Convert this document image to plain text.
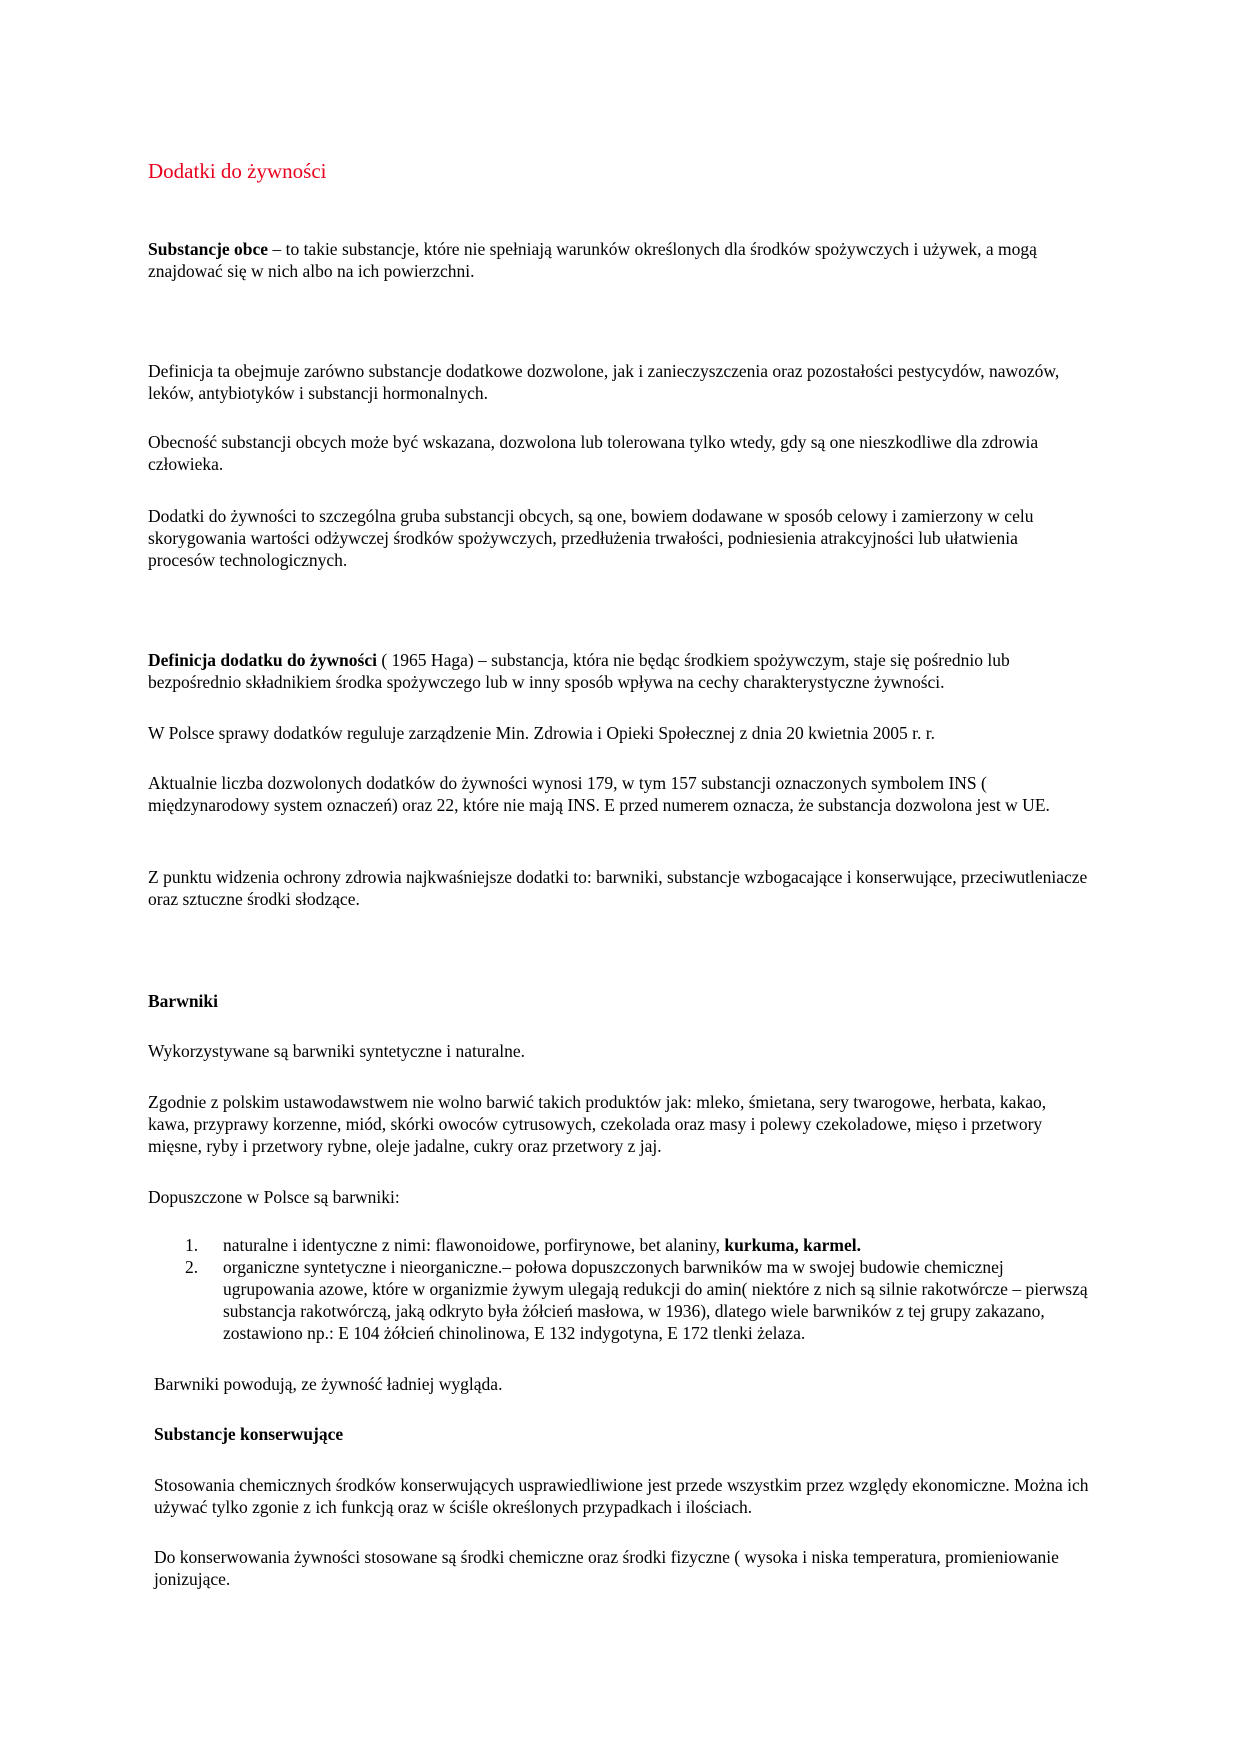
Dodatki do żywności

Substancje obce – to takie substancje, które nie spełniają warunków określonych dla środków spożywczych i używek, a mogą znajdować się w nich albo na ich powierzchni.

Definicja ta obejmuje zarówno substancje dodatkowe dozwolone, jak i zanieczyszczenia oraz pozostałości pestycydów, nawozów, leków, antybiotyków i substancji hormonalnych.

Obecność substancji obcych może być wskazana, dozwolona lub tolerowana tylko wtedy, gdy są one nieszkodliwe dla zdrowia człowieka.

Dodatki do żywności to szczególna gruba substancji obcych, są one, bowiem dodawane w sposób celowy i zamierzony w celu skorygowania wartości odżywczej środków spożywczych, przedłużenia trwałości, podniesienia atrakcyjności lub ułatwienia procesów technologicznych.

Definicja dodatku do żywności ( 1965 Haga) – substancja, która nie będąc środkiem spożywczym, staje się pośrednio lub bezpośrednio składnikiem środka spożywczego lub w inny sposób wpływa na cechy charakterystyczne żywności.

W Polsce sprawy dodatków reguluje zarządzenie Min. Zdrowia i Opieki Społecznej z dnia 20 kwietnia 2005 r. r.

Aktualnie liczba dozwolonych dodatków do żywności wynosi 179, w tym 157 substancji oznaczonych symbolem INS ( międzynarodowy system oznaczeń) oraz 22, które nie mają INS. E przed numerem oznacza, że substancja dozwolona jest w UE.

Z punktu widzenia ochrony zdrowia najkwaśniejsze dodatki to: barwniki, substancje wzbogacające i konserwujące, przeciwutleniacze oraz sztuczne środki słodzące.

Barwniki

Wykorzystywane są barwniki syntetyczne i naturalne.

Zgodnie z polskim ustawodawstwem nie wolno barwić takich produktów jak: mleko, śmietana, sery twarogowe, herbata, kakao, kawa, przyprawy korzenne, miód, skórki owoców cytrusowych, czekolada oraz masy i polewy czekoladowe, mięso i przetwory mięsne, ryby i przetwory rybne, oleje jadalne, cukry oraz przetwory z jaj.

Dopuszczone w Polsce są barwniki:

1. naturalne i identyczne z nimi: flawonoidowe, porfirynowe, bet alaniny, kurkuma, karmel.
2. organiczne syntetyczne i nieorganiczne.– połowa dopuszczonych barwników ma w swojej budowie chemicznej ugrupowania azowe, które w organizmie żywym ulegają redukcji do amin( niektóre z nich są silnie rakotwórcze – pierwszą substancja rakotwórczą, jaką odkryto była żółcień masłowa, w 1936), dlatego wiele barwników z tej grupy zakazano, zostawiono np.: E 104 żółcień chinolinowa, E 132 indygotyna, E 172 tlenki żelaza.

Barwniki powodują, ze żywność ładniej wygląda.

Substancje konserwujące

Stosowania chemicznych środków konserwujących usprawiedliwione jest przede wszystkim przez względy ekonomiczne. Można ich używać tylko zgonie z ich funkcją oraz w ściśle określonych przypadkach i ilościach.

Do konserwowania żywności stosowane są środki chemiczne oraz środki fizyczne ( wysoka i niska temperatura, promieniowanie jonizujące.
